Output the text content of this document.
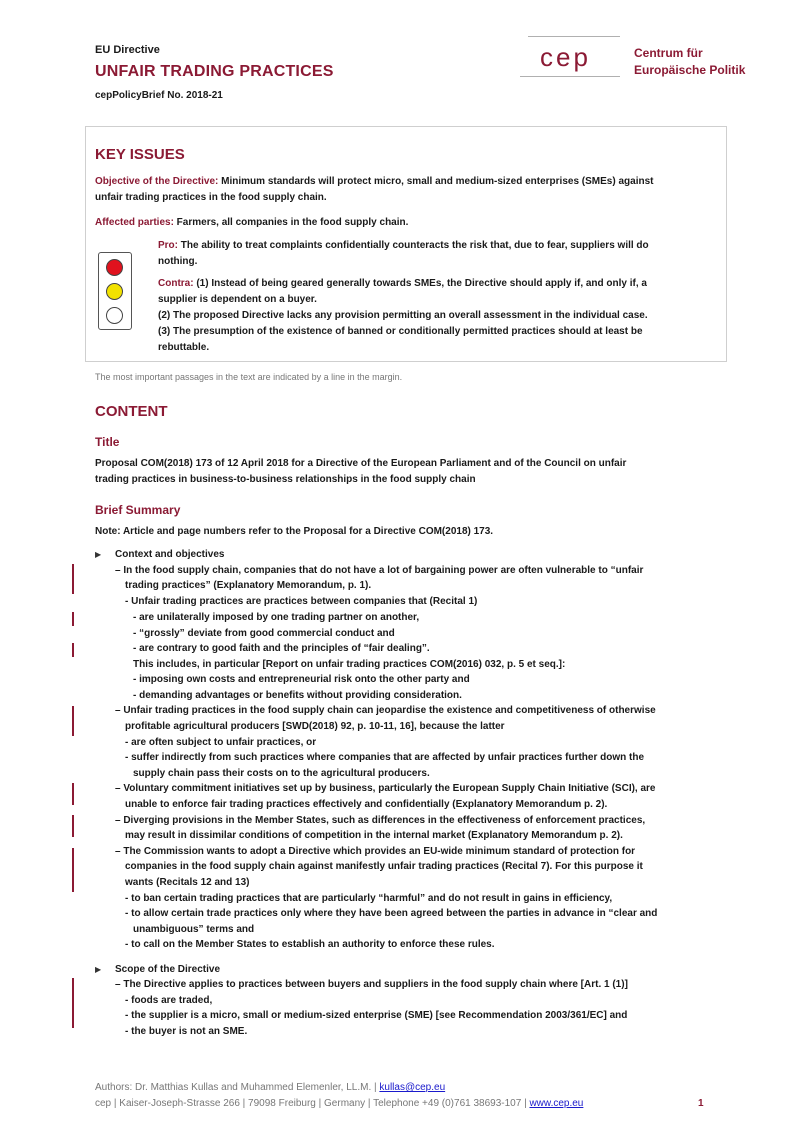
EU Directive
UNFAIR TRADING PRACTICES
cepPolicyBrief No. 2018-21
cep	Centrum für
Europäische Politik
KEY ISSUES
Objective of the Directive: Minimum standards will protect micro, small and medium-sized enterprises (SMEs) against
unfair trading practices in the food supply chain.
Affected parties: Farmers, all companies in the food supply chain.
Pro: The ability to treat complaints confidentially counteracts the risk that, due to fear, suppliers will do
nothing.
Contra: (1) Instead of being geared generally towards SMEs, the Directive should apply if, and only if, a
supplier is dependent on a buyer.
(2) The proposed Directive lacks any provision permitting an overall assessment in the individual case.
(3) The presumption of the existence of banned or conditionally permitted practices should at least be
rebuttable.
The most important passages in the text are indicated by a line in the margin.
CONTENT
Title
Proposal COM(2018) 173 of 12 April 2018 for a Directive of the European Parliament and of the Council on unfair
trading practices in business-to-business relationships in the food supply chain
Brief Summary
Note: Article and page numbers refer to the Proposal for a Directive COM(2018) 173.
▶
▶
Context and objectives
– In the food supply chain, companies that do not have a lot of bargaining power are often vulnerable to “unfair
trading practices” (Explanatory Memorandum, p. 1).
- Unfair trading practices are practices between companies that (Recital 1)
- are unilaterally imposed by one trading partner on another,
- “grossly” deviate from good commercial conduct and
- are contrary to good faith and the principles of “fair dealing”.
This includes, in particular [Report on unfair trading practices COM(2016) 032, p. 5 et seq.]:
- imposing own costs and entrepreneurial risk onto the other party and
- demanding advantages or benefits without providing consideration.
– Unfair trading practices in the food supply chain can jeopardise the existence and competitiveness of otherwise
profitable agricultural producers [SWD(2018) 92, p. 10-11, 16], because the latter
- are often subject to unfair practices, or
- suffer indirectly from such practices where companies that are affected by unfair practices further down the
supply chain pass their costs on to the agricultural producers.
– Voluntary commitment initiatives set up by business, particularly the European Supply Chain Initiative (SCI), are
unable to enforce fair trading practices effectively and confidentially (Explanatory Memorandum p. 2).
– Diverging provisions in the Member States, such as differences in the effectiveness of enforcement practices,
may result in dissimilar conditions of competition in the internal market (Explanatory Memorandum p. 2).
– The Commission wants to adopt a Directive which provides an EU-wide minimum standard of protection for
companies in the food supply chain against manifestly unfair trading practices (Recital 7). For this purpose it
wants (Recitals 12 and 13)
- to ban certain trading practices that are particularly “harmful” and do not result in gains in efficiency,
- to allow certain trade practices only where they have been agreed between the parties in advance in “clear and
unambiguous” terms and
- to call on the Member States to establish an authority to enforce these rules.
Scope of the Directive
– The Directive applies to practices between buyers and suppliers in the food supply chain where [Art. 1 (1)]
- foods are traded,
- the supplier is a micro, small or medium-sized enterprise (SME) [see Recommendation 2003/361/EC] and
- the buyer is not an SME.
Authors: Dr. Matthias Kullas and Muhammed Elemenler, LL.M. | kullas@cep.eu
cep | Kaiser-Joseph-Strasse 266 | 79098 Freiburg | Germany | Telephone +49 (0)761 38693-107 | www.cep.eu	1
